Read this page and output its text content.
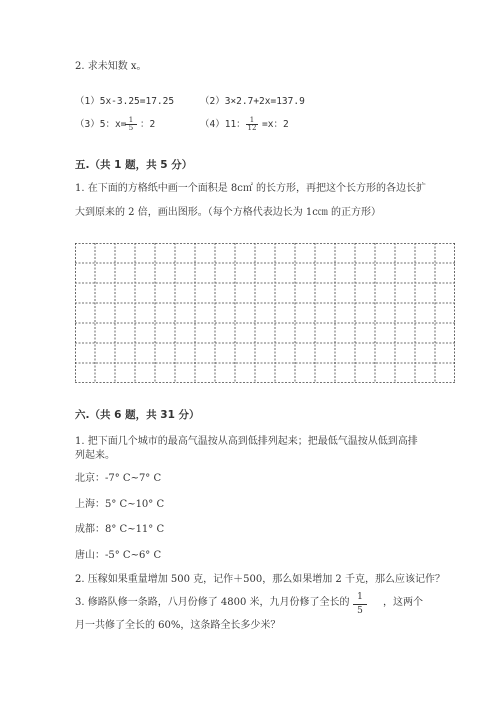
2. 求未知数 x。
（1）5x-3.25=17.25	（2）3×2.7+2x=137.9
（3）5：x=
$\frac{1}{5}$ ：2	（4）11： $\frac{1}{12} =x$：2
五.（共 1 题，共 5 分）
1. 在下面的方格纸中画一个面积是 8c㎡ 的长方形，再把这个长方形的各边长扩
大到原来的 2 倍，画出图形。（每个方格代表边长为 1c㎝ 的正方形）
六.（共 6 题，共 31 分）
1. 把下面几个城市的最高气温按从高到低排列起来；把最低气温按从低到高排
列起来。
北京：-7° C~7° C
上海：5° C~10° C
成都：8° C~11° C
唐山：-5° C~6° C
2. 压稼如果重量增加 500 克，记作＋500，那么如果增加 2 千克，那么应该记作？
3. 修路队修一条路，八月份修了 4800 米，九月份修了全长的 $\frac{1}{5}$ ，这两个
月一共修了全长的 60%，这条路全长多少米？
